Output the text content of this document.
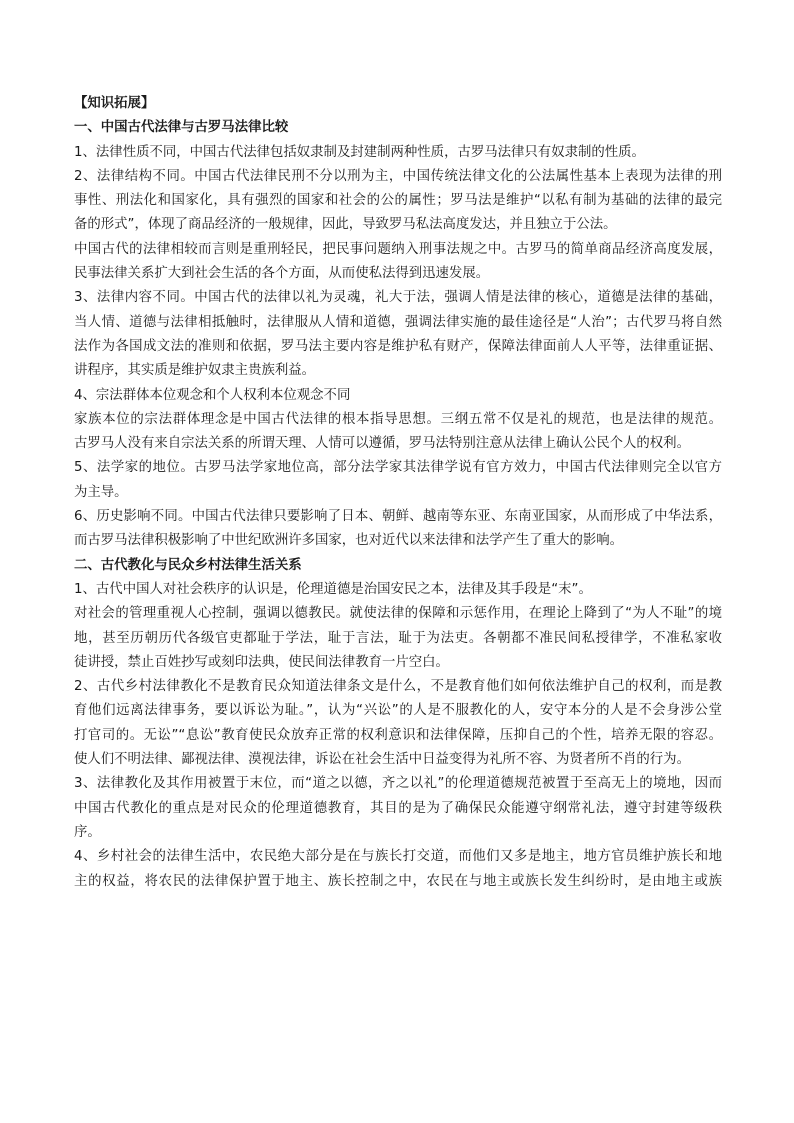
【知识拓展】
一、中国古代法律与古罗马法律比较
1、法律性质不同，中国古代法律包括奴隶制及封建制两种性质，古罗马法律只有奴隶制的性质。
2、法律结构不同。中国古代法律民刑不分以刑为主，中国传统法律文化的公法属性基本上表现为法律的刑
事性、刑法化和国家化，具有强烈的国家和社会的公的属性；罗马法是维护“以私有制为基础的法律的最完
备的形式”，体现了商品经济的一般规律，因此，导致罗马私法高度发达，并且独立于公法。
中国古代的法律相较而言则是重刑轻民，把民事问题纳入刑事法规之中。古罗马的简单商品经济高度发展，
民事法律关系扩大到社会生活的各个方面，从而使私法得到迅速发展。
3、法律内容不同。中国古代的法律以礼为灵魂，礼大于法，强调人情是法律的核心，道德是法律的基础，
当人情、道德与法律相抵触时，法律服从人情和道德，强调法律实施的最佳途径是“人治”；古代罗马将自然
法作为各国成文法的准则和依据，罗马法主要内容是维护私有财产，保障法律面前人人平等，法律重证据、
讲程序，其实质是维护奴隶主贵族利益。
4、宗法群体本位观念和个人权利本位观念不同
家族本位的宗法群体理念是中国古代法律的根本指导思想。三纲五常不仅是礼的规范，也是法律的规范。
古罗马人没有来自宗法关系的所谓天理、人情可以遵循，罗马法特别注意从法律上确认公民个人的权利。
5、法学家的地位。古罗马法学家地位高，部分法学家其法律学说有官方效力，中国古代法律则完全以官方
为主导。
6、历史影响不同。中国古代法律只要影响了日本、朝鲜、越南等东亚、东南亚国家，从而形成了中华法系，
而古罗马法律积极影响了中世纪欧洲许多国家，也对近代以来法律和法学产生了重大的影响。
二、古代教化与民众乡村法律生活关系
1、古代中国人对社会秩序的认识是，伦理道德是治国安民之本，法律及其手段是“末”。
对社会的管理重视人心控制，强调以德教民。就使法律的保障和示惩作用，在理论上降到了“为人不耻”的境
地，甚至历朝历代各级官吏都耻于学法，耻于言法，耻于为法吏。各朝都不准民间私授律学，不准私家收
徒讲授，禁止百姓抄写或刻印法典，使民间法律教育一片空白。
2、古代乡村法律教化不是教育民众知道法律条文是什么，不是教育他们如何依法维护自己的权利，而是教
育他们远离法律事务，要以诉讼为耻。”，认为“兴讼”的人是不服教化的人，安守本分的人是不会身涉公堂
打官司的。无讼”“息讼”教育使民众放弃正常的权利意识和法律保障，压抑自己的个性，培养无限的容忍。
使人们不明法律、鄙视法律、漠视法律，诉讼在社会生活中日益变得为礼所不容、为贤者所不肖的行为。
3、法律教化及其作用被置于末位，而“道之以德，齐之以礼”的伦理道德规范被置于至高无上的境地，因而
中国古代教化的重点是对民众的伦理道德教育，其目的是为了确保民众能遵守纲常礼法，遵守封建等级秩
序。
4、乡村社会的法律生活中，农民绝大部分是在与族长打交道，而他们又多是地主，地方官员维护族长和地
主的权益，将农民的法律保护置于地主、族长控制之中，农民在与地主或族长发生纠纷时，是由地主或族
